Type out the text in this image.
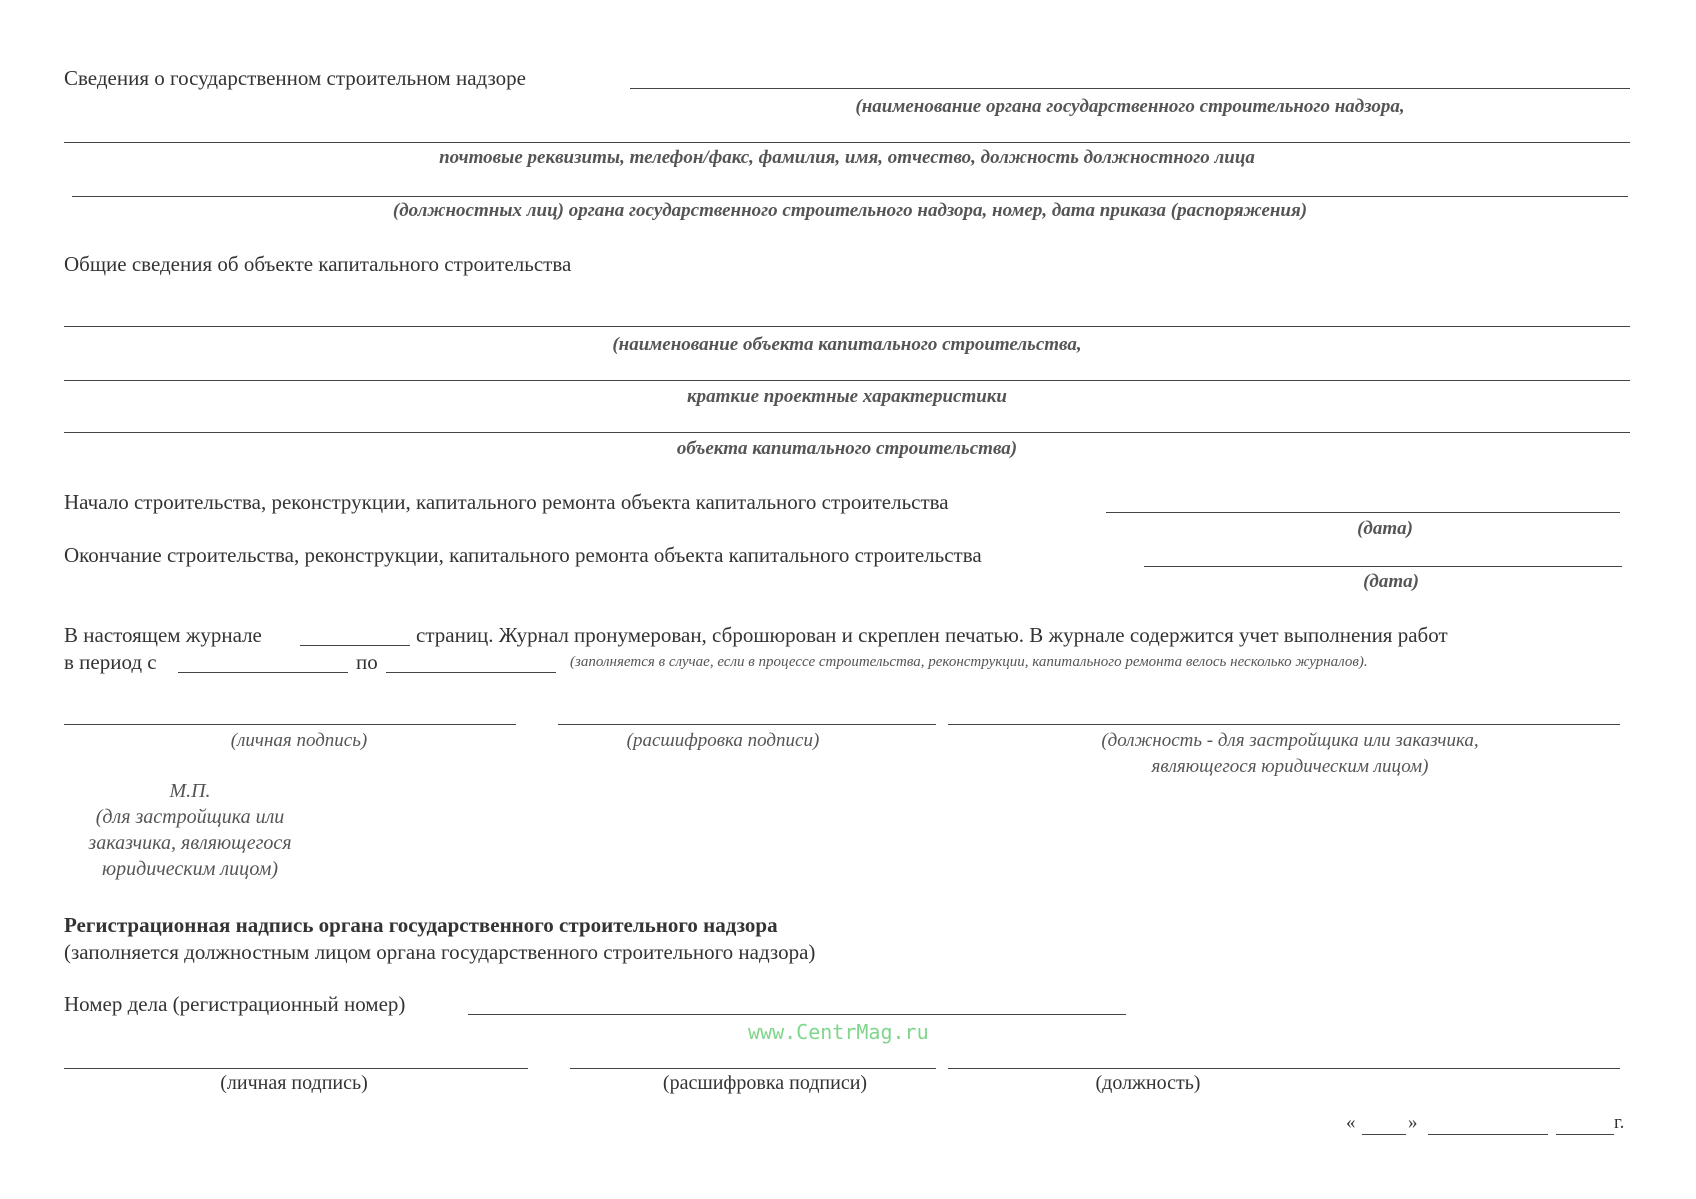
Сведения о государственном строительном надзоре
(наименование органа государственного строительного надзора,
почтовые реквизиты, телефон/факс, фамилия, имя, отчество, должность должностного лица
(должностных лиц) органа государственного строительного надзора, номер, дата приказа (распоряжения)
Общие сведения об объекте капитального строительства
(наименование объекта капитального строительства,
краткие проектные характеристики
объекта капитального строительства)
Начало строительства, реконструкции, капитального ремонта объекта капитального строительства
(дата)
Окончание строительства, реконструкции, капитального ремонта объекта капитального строительства
(дата)
В настоящем журнале	страниц. Журнал пронумерован, сброшюрован и скреплен печатью. В журнале содержится учет выполнения работ
в период с	по	(заполняется в случае, если в процессе строительства, реконструкции, капитального ремонта велось несколько журналов).
(личная подпись)	(расшифровка подписи)	(должность - для застройщика или заказчика,
являющегося юридическим лицом)
М.П.
(для застройщика или
заказчика, являющегося
юридическим лицом)
Регистрационная надпись органа государственного строительного надзора
(заполняется должностным лицом органа государственного строительного надзора)
Номер дела (регистрационный номер)
www.CentrMag.ru
(личная подпись)	(расшифровка подписи)	(должность)
«	»	г.
